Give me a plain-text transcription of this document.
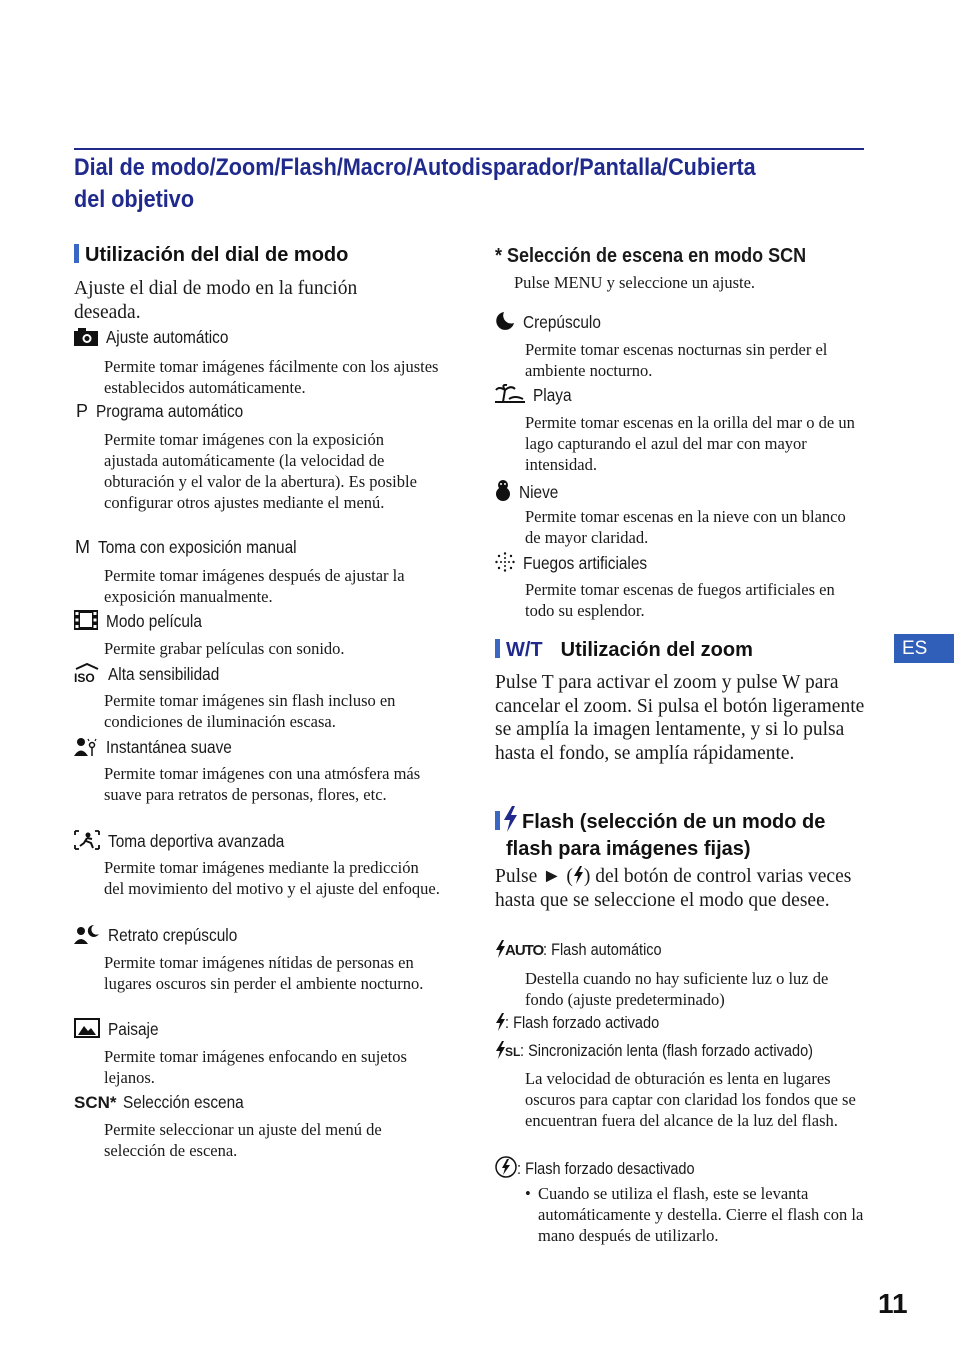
Dial de modo/Zoom/Flash/Macro/Autodisparador/Pantalla/Cubierta del objetivo
Utilización del dial de modo
Ajuste el dial de modo en la función deseada.
Ajuste automático
Permite tomar imágenes fácilmente con los ajustes establecidos automáticamente.
P Programa automático
Permite tomar imágenes con la exposición ajustada automáticamente (la velocidad de obturación y el valor de la abertura). Es posible configurar otros ajustes mediante el menú.
M Toma con exposición manual
Permite tomar imágenes después de ajustar la exposición manualmente.
Modo película
Permite grabar películas con sonido.
ISO Alta sensibilidad
Permite tomar imágenes sin flash incluso en condiciones de iluminación escasa.
Instantánea suave
Permite tomar imágenes con una atmósfera más suave para retratos de personas, flores, etc.
Toma deportiva avanzada
Permite tomar imágenes mediante la predicción del movimiento del motivo y el ajuste del enfoque.
Retrato crepúsculo
Permite tomar imágenes nítidas de personas en lugares oscuros sin perder el ambiente nocturno.
Paisaje
Permite tomar imágenes enfocando en sujetos lejanos.
SCN* Selección escena
Permite seleccionar un ajuste del menú de selección de escena.
* Selección de escena en modo SCN
Pulse MENU y seleccione un ajuste.
Crepúsculo
Permite tomar escenas nocturnas sin perder el ambiente nocturno.
Playa
Permite tomar escenas en la orilla del mar o de un lago capturando el azul del mar con mayor intensidad.
Nieve
Permite tomar escenas en la nieve con un blanco de mayor claridad.
Fuegos artificiales
Permite tomar escenas de fuegos artificiales en todo su esplendor.
W/T Utilización del zoom
Pulse T para activar el zoom y pulse W para cancelar el zoom. Si pulsa el botón ligeramente se amplía la imagen lentamente, y si lo pulsa hasta el fondo, se amplía rápidamente.
Flash (selección de un modo de
flash para imágenes fijas)
Pulse ► ( ) del botón de control varias veces hasta que se seleccione el modo que desee.
AUTO: Flash automático
Destella cuando no hay suficiente luz o luz de fondo (ajuste predeterminado)
: Flash forzado activado
SL: Sincronización lenta (flash forzado activado)
La velocidad de obturación es lenta en lugares oscuros para captar con claridad los fondos que se encuentran fuera del alcance de la luz del flash.
: Flash forzado desactivado
• Cuando se utiliza el flash, este se levanta automáticamente y destella. Cierre el flash con la mano después de utilizarlo.
ES
11
